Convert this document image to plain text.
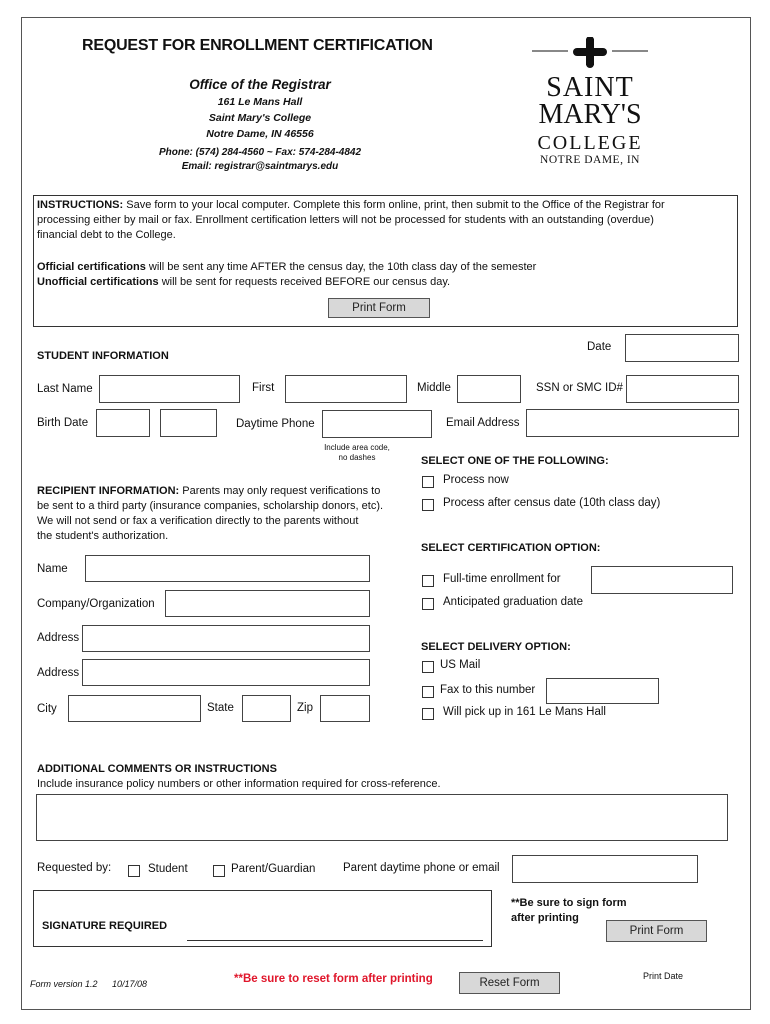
REQUEST FOR ENROLLMENT CERTIFICATION
Office of the Registrar
161 Le Mans Hall
Saint Mary's College
Notre Dame, IN 46556
Phone: (574) 284-4560 ~ Fax: 574-284-4842
Email: registrar@saintmarys.edu
SAINT
MARY'S
COLLEGE
NOTRE DAME, IN
INSTRUCTIONS: Save form to your local computer. Complete this form online, print, then submit to the Office of the Registrar for
processing either by mail or fax. Enrollment certification letters will not be processed for students with an outstanding (overdue)
financial debt to the College.
Official certifications will be sent any time AFTER the census day, the 10th class day of the semester
Unofficial certifications will be sent for requests received BEFORE our census day.
Print Form
STUDENT INFORMATION
Date
Last Name	First	Middle	SSN or SMC ID#
Birth Date	Daytime Phone	Email Address
Include area code,
no dashes	SELECT ONE OF THE FOLLOWING:
Process now
Process after census date (10th class day)
RECIPIENT INFORMATION: Parents may only request verifications to
be sent to a third party (insurance companies, scholarship donors, etc).
We will not send or fax a verification directly to the parents without
the student's authorization.
Name
Company/Organization
Address
Address
City	State	Zip
SELECT CERTIFICATION OPTION:
Full-time enrollment for
Anticipated graduation date
SELECT DELIVERY OPTION:
US Mail
Fax to this number
Will pick up in 161 Le Mans Hall
ADDITIONAL COMMENTS OR INSTRUCTIONS
Include insurance policy numbers or other information required for cross-reference.
Requested by:	Student	Parent/Guardian Parent daytime phone or email
SIGNATURE REQUIRED
**Be sure to sign form
after printing
Print Form
Form version 1.2 10/17/08	**Be sure to reset form after printing	Reset Form
Print Date
